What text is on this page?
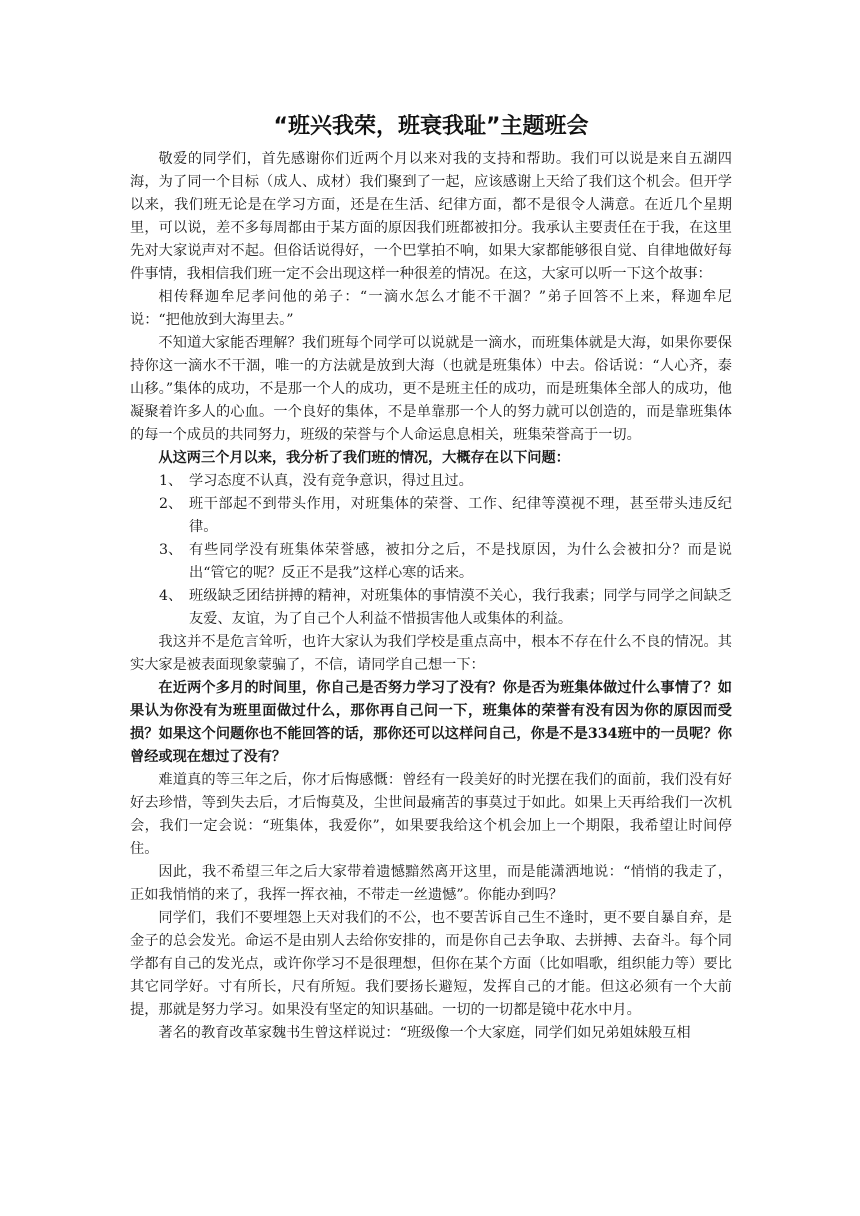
“班兴我荣，班衰我耻”主题班会

敬爱的同学们，首先感谢你们近两个月以来对我的支持和帮助。我们可以说是来自五湖四海，为了同一个目标（成人、成材）我们聚到了一起，应该感谢上天给了我们这个机会。但开学以来，我们班无论是在学习方面，还是在生活、纪律方面，都不是很令人满意。在近几个星期里，可以说，差不多每周都由于某方面的原因我们班都被扣分。我承认主要责任在于我，在这里先对大家说声对不起。但俗话说得好，一个巴掌拍不响，如果大家都能够很自觉、自律地做好每件事情，我相信我们班一定不会出现这样一种很差的情况。在这，大家可以听一下这个故事：

相传释迦牟尼孝问他的弟子：“一滴水怎么才能不干涸？”弟子回答不上来，释迦牟尼说：“把他放到大海里去。”

不知道大家能否理解？我们班每个同学可以说就是一滴水，而班集体就是大海，如果你要保持你这一滴水不干涸，唯一的方法就是放到大海（也就是班集体）中去。俗话说：“人心齐，泰山移。”集体的成功，不是那一个人的成功，更不是班主任的成功，而是班集体全部人的成功，他凝聚着许多人的心血。一个良好的集体，不是单靠那一个人的努力就可以创造的，而是靠班集体的每一个成员的共同努力，班级的荣誉与个人命运息息相关，班集荣誉高于一切。

从这两三个月以来，我分析了我们班的情况，大概存在以下问题：

1、 学习态度不认真，没有竞争意识，得过且过。
2、 班干部起不到带头作用，对班集体的荣誉、工作、纪律等漠视不理，甚至带头违反纪律。
3、 有些同学没有班集体荣誉感，被扣分之后，不是找原因，为什么会被扣分？而是说出“管它的呢？反正不是我”这样心寒的话来。
4、 班级缺乏团结拼搏的精神，对班集体的事情漠不关心，我行我素；同学与同学之间缺乏友爱、友谊，为了自己个人利益不惜损害他人或集体的利益。

我这并不是危言耸听，也许大家认为我们学校是重点高中，根本不存在什么不良的情况。其实大家是被表面现象蒙骗了，不信，请同学自己想一下：

在近两个多月的时间里，你自己是否努力学习了没有？你是否为班集体做过什么事情了？如果认为你没有为班里面做过什么，那你再自己问一下，班集体的荣誉有没有因为你的原因而受损？如果这个问题你也不能回答的话，那你还可以这样问自己，你是不是334班中的一员呢？你曾经或现在想过了没有？

难道真的等三年之后，你才后悔感慨：曾经有一段美好的时光摆在我们的面前，我们没有好好去珍惜，等到失去后，才后悔莫及，尘世间最痛苦的事莫过于如此。如果上天再给我们一次机会，我们一定会说：“班集体，我爱你”，如果要我给这个机会加上一个期限，我希望让时间停住。

因此，我不希望三年之后大家带着遗憾黯然离开这里，而是能潇洒地说：“悄悄的我走了，正如我悄悄的来了，我挥一挥衣袖，不带走一丝遗憾”。你能办到吗？

同学们，我们不要埋怨上天对我们的不公，也不要苦诉自己生不逢时，更不要自暴自弃，是金子的总会发光。命运不是由别人去给你安排的，而是你自己去争取、去拼搏、去奋斗。每个同学都有自己的发光点，或许你学习不是很理想，但你在某个方面（比如唱歌，组织能力等）要比其它同学好。寸有所长，尺有所短。我们要扬长避短，发挥自己的才能。但这必须有一个大前提，那就是努力学习。如果没有坚定的知识基础。一切的一切都是镜中花水中月。

著名的教育改革家魏书生曾这样说过：“班级像一个大家庭，同学们如兄弟姐妹般互相
